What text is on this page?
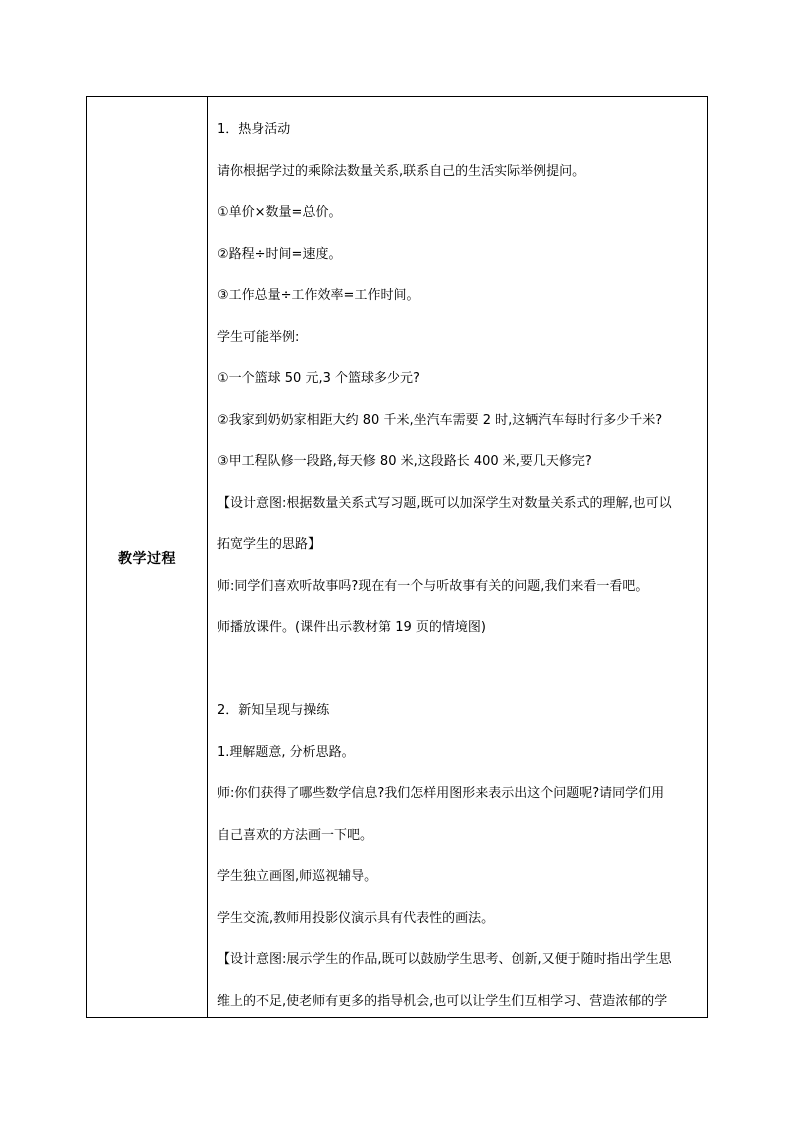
教学过程
1．热身活动
请你根据学过的乘除法数量关系,联系自己的生活实际举例提问。
①单价×数量=总价。
②路程÷时间=速度。
③工作总量÷工作效率=工作时间。
学生可能举例:
①一个篮球 50 元,3 个篮球多少元?
②我家到奶奶家相距大约 80 千米,坐汽车需要 2 时,这辆汽车每时行多少千米?
③甲工程队修一段路,每天修 80 米,这段路长 400 米,要几天修完?
【设计意图:根据数量关系式写习题,既可以加深学生对数量关系式的理解,也可以
拓宽学生的思路】
师:同学们喜欢听故事吗?现在有一个与听故事有关的问题,我们来看一看吧。
师播放课件。(课件出示教材第 19 页的情境图)
2．新知呈现与操练
1.理解题意, 分析思路。
师:你们获得了哪些数学信息?我们怎样用图形来表示出这个问题呢?请同学们用
自己喜欢的方法画一下吧。
学生独立画图,师巡视辅导。
学生交流,教师用投影仪演示具有代表性的画法。
【设计意图:展示学生的作品,既可以鼓励学生思考、创新,又便于随时指出学生思
维上的不足,使老师有更多的指导机会,也可以让学生们互相学习、营造浓郁的学
